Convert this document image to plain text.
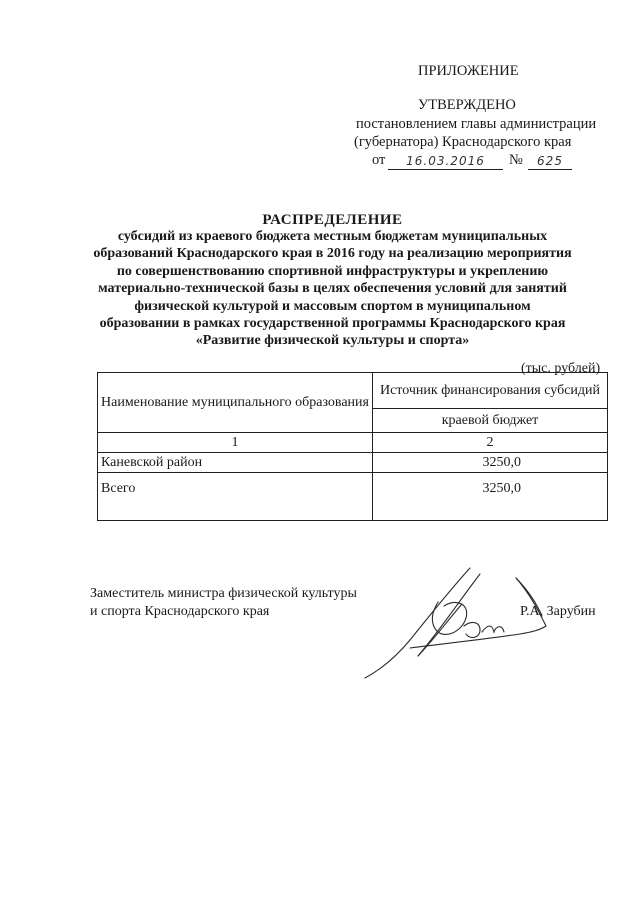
ПРИЛОЖЕНИЕ
УТВЕРЖДЕНО
постановлением главы администрации
(губернатора) Краснодарского края
от	16.03.2016	№	625
РАСПРЕДЕЛЕНИЕ
субсидий из краевого бюджета местным бюджетам муниципальных
образований Краснодарского края в 2016 году на реализацию мероприятия
по совершенствованию спортивной инфраструктуры и укреплению
материально-технической базы в целях обеспечения условий для занятий
физической культурой и массовым спортом в муниципальном
образовании в рамках государственной программы Краснодарского края
«Развитие физической культуры и спорта»
(тыс. рублей)
Наименование муниципального образования	Источник финансирования субсидий
	краевой бюджет
1	2
Каневской район	3250,0
Всего	3250,0
Заместитель министра физической культуры
и спорта Краснодарского края	Р.А. Зарубин
